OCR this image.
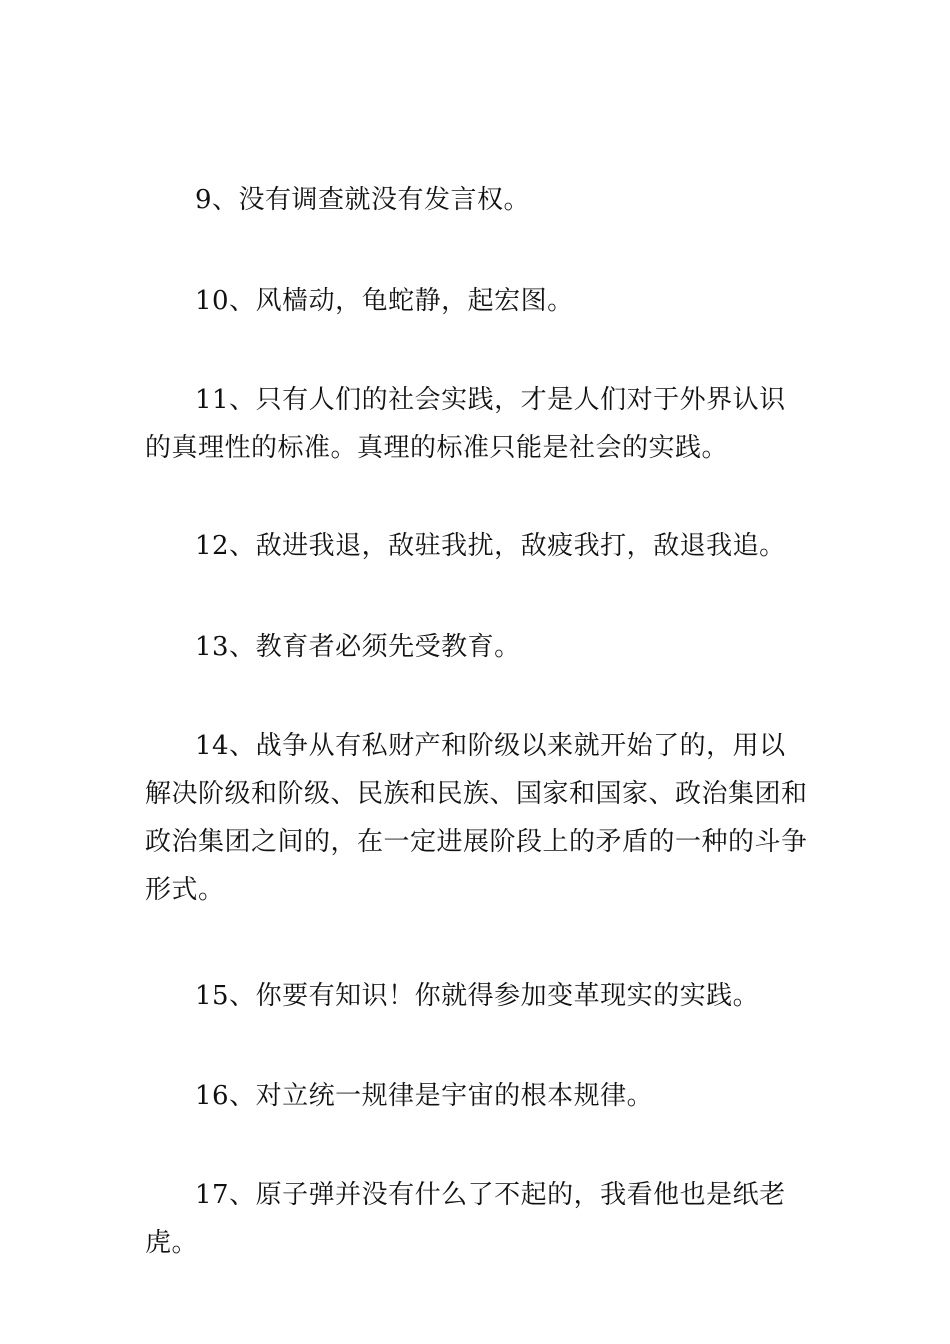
9、没有调查就没有发言权。

10、风樯动，龟蛇静，起宏图。

11、只有人们的社会实践，才是人们对于外界认识的真理性的标准。真理的标准只能是社会的实践。

12、敌进我退，敌驻我扰，敌疲我打，敌退我追。

13、教育者必须先受教育。

14、战争从有私财产和阶级以来就开始了的，用以解决阶级和阶级、民族和民族、国家和国家、政治集团和政治集团之间的，在一定进展阶段上的矛盾的一种的斗争形式。

15、你要有知识！你就得参加变革现实的实践。

16、对立统一规律是宇宙的根本规律。

17、原子弹并没有什么了不起的，我看他也是纸老虎。
